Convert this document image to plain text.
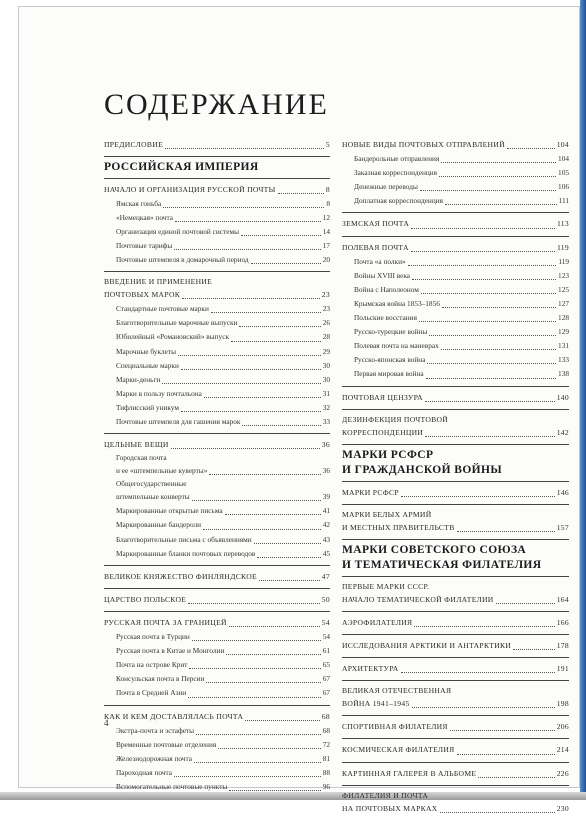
СОДЕРЖАНИЕ
ПРЕДИСЛОВИЕ	5
РОССИЙСКАЯ ИМПЕРИЯ
НАЧАЛО И ОРГАНИЗАЦИЯ РУССКОЙ ПОЧТЫ	8
Ямская гоньба	8
«Немецкая» почта	12
Организация единой почтовой системы	14
Почтовые тарифы	17
Почтовые штемпеля в домарочный период	20
ВВЕДЕНИЕ И ПРИМЕНЕНИЕ
ПОЧТОВЫХ МАРОК	23
Стандартные почтовые марки	23
Благотворительные марочные выпуски	26
Юбилейный «Романовский» выпуск	28
Марочные буклеты	29
Специальные марки	30
Марки-деньги	30
Марки в пользу почтальона	31
Тифлисский уникум	32
Почтовые штемпеля для гашения марок	33
ЦЕЛЬНЫЕ ВЕЩИ	36
Городская почта
и ее «штемпельные куверты»	36
Общегосударственные
штемпельные конверты	39
Маркированные открытые письма	41
Маркированные бандероли	42
Благотворительные письма с объявлениями	43
Маркированные бланки почтовых переводов	45
ВЕЛИКОЕ КНЯЖЕСТВО ФИНЛЯНДСКОЕ	47
ЦАРСТВО ПОЛЬСКОЕ	50
РУССКАЯ ПОЧТА ЗА ГРАНИЦЕЙ	54
Русская почта в Турции	54
Русская почта в Китае и Монголии	61
Почта на острове Крит	65
Консульская почта в Персии	67
Почта в Средней Азии	67
КАК И КЕМ ДОСТАВЛЯЛАСЬ ПОЧТА	68
Экстра-почта и эстафеты	68
Временные почтовые отделения	72
Железнодорожная почта	81
Пароходная почта	88
Вспомогательные почтовые пункты	96
НОВЫЕ ВИДЫ ПОЧТОВЫХ ОТПРАВЛЕНИЙ	104
Бандерольные отправления	104
Заказная корреспонденция	105
Денежные переводы	106
Доплатная корреспонденция	111
ЗЕМСКАЯ ПОЧТА	113
ПОЛЕВАЯ ПОЧТА	119
Почта «а полки»	119
Войны XVIII века	123
Война с Наполеоном	125
Крымская война 1853–1856	127
Польские восстания	128
Русско-турецкие войны	129
Полевая почта на маневрах	131
Русско-японская война	133
Первая мировая война	138
ПОЧТОВАЯ ЦЕНЗУРА	140
ДЕЗИНФЕКЦИЯ ПОЧТОВОЙ
КОРРЕСПОНДЕНЦИИ	142
МАРКИ РСФСР
И ГРАЖДАНСКОЙ ВОЙНЫ
МАРКИ РСФСР	146
МАРКИ БЕЛЫХ АРМИЙ
И МЕСТНЫХ ПРАВИТЕЛЬСТВ	157
МАРКИ СОВЕТСКОГО СОЮЗА
И ТЕМАТИЧЕСКАЯ ФИЛАТЕЛИЯ
ПЕРВЫЕ МАРКИ СССР.
НАЧАЛО ТЕМАТИЧЕСКОЙ ФИЛАТЕЛИИ	164
АЭРОФИЛАТЕЛИЯ	166
ИССЛЕДОВАНИЯ АРКТИКИ И АНТАРКТИКИ	178
АРХИТЕКТУРА	191
ВЕЛИКАЯ ОТЕЧЕСТВЕННАЯ
ВОЙНА 1941–1945	198
СПОРТИВНАЯ ФИЛАТЕЛИЯ	206
КОСМИЧЕСКАЯ ФИЛАТЕЛИЯ	214
КАРТИННАЯ ГАЛЕРЕЯ В АЛЬБОМЕ	226
ФИЛАТЕЛИЯ И ПОЧТА
НА ПОЧТОВЫХ МАРКАХ	230
4
